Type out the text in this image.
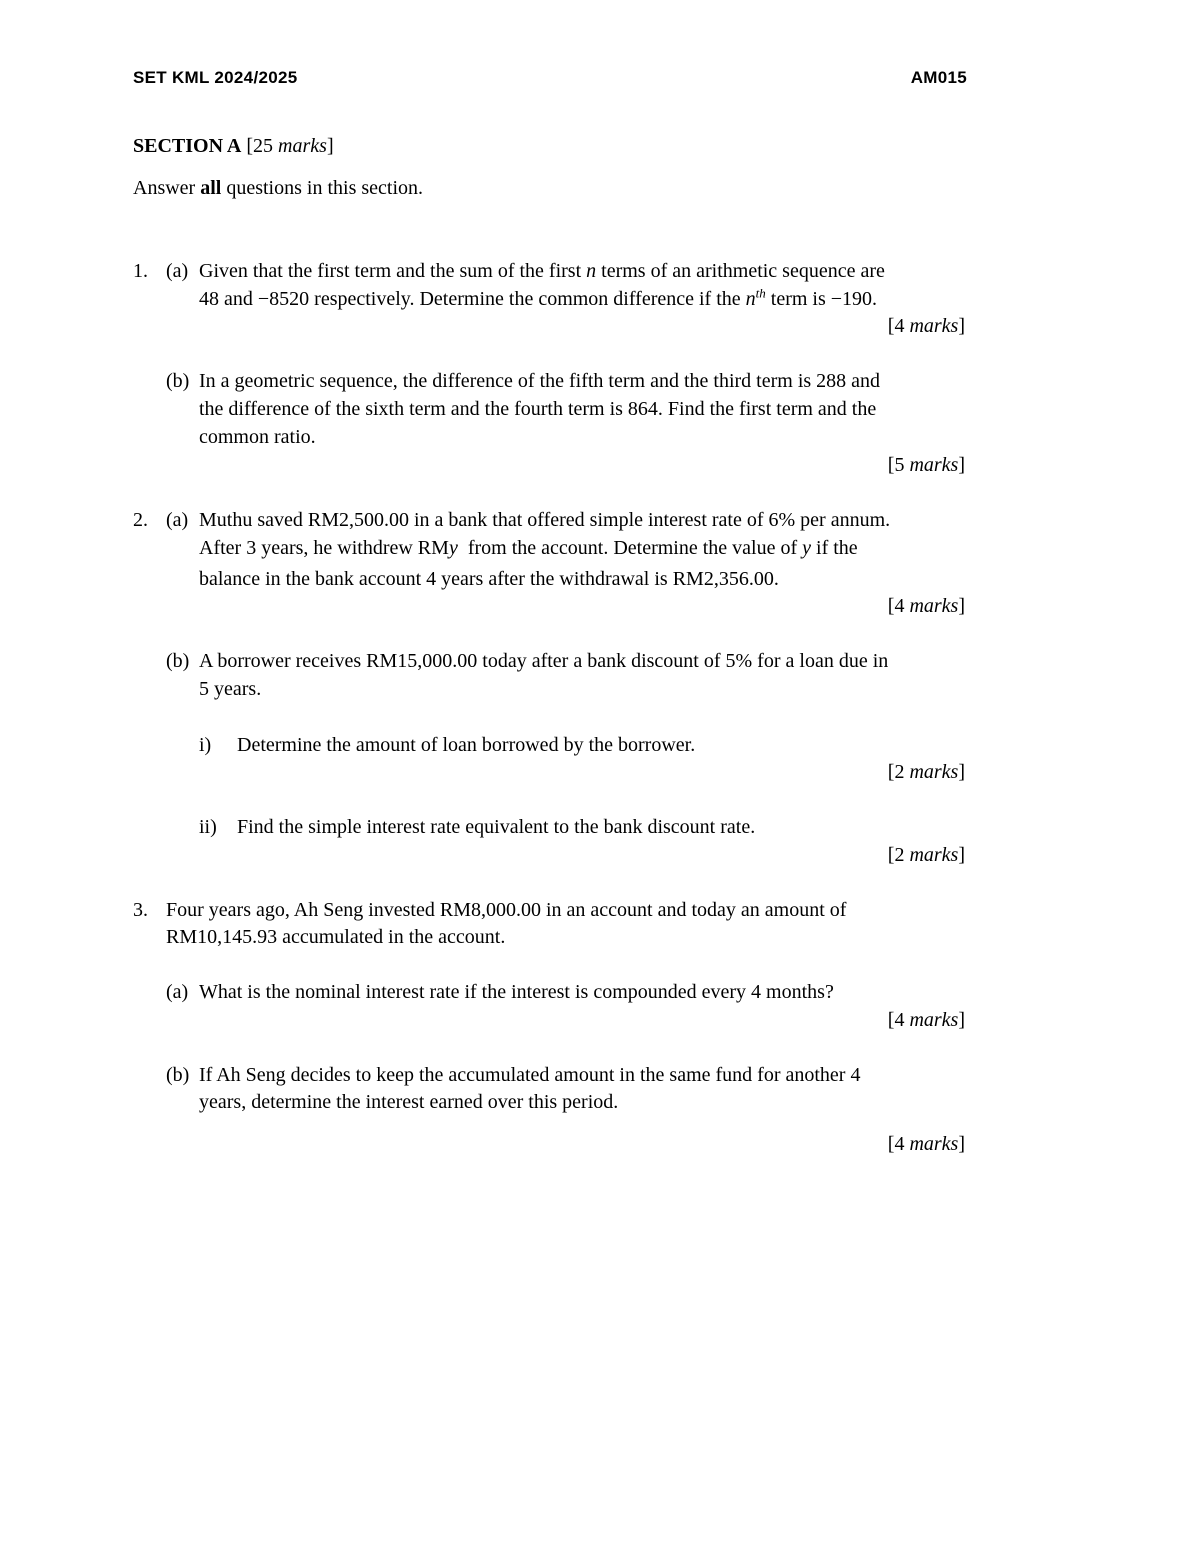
SET KML 2024/2025	AM015
SECTION A [25 marks]
Answer all questions in this section.
1. (a) Given that the first term and the sum of the first n terms of an arithmetic sequence are
48 and −8520 respectively. Determine the common difference if the $n^{th}$ term is −190.
[4 marks]
(b) In a geometric sequence, the difference of the fifth term and the third term is 288 and
the difference of the sixth term and the fourth term is 864. Find the first term and the
common ratio.
[5 marks]
2. (a) Muthu saved RM2,500.00 in a bank that offered simple interest rate of 6% per annum.
After 3 years, he withdrew RMy  from the account. Determine the value of y if the
balance in the bank account 4 years after the withdrawal is RM2,356.00.
[4 marks]
(b) A borrower receives RM15,000.00 today after a bank discount of 5% for a loan due in
5 years.
i) Determine the amount of loan borrowed by the borrower.
[2 marks]
ii) Find the simple interest rate equivalent to the bank discount rate.
[2 marks]
3. Four years ago, Ah Seng invested RM8,000.00 in an account and today an amount of
RM10,145.93 accumulated in the account.
(a) What is the nominal interest rate if the interest is compounded every 4 months?
[4 marks]
(b) If Ah Seng decides to keep the accumulated amount in the same fund for another 4
years, determine the interest earned over this period.
[4 marks]
